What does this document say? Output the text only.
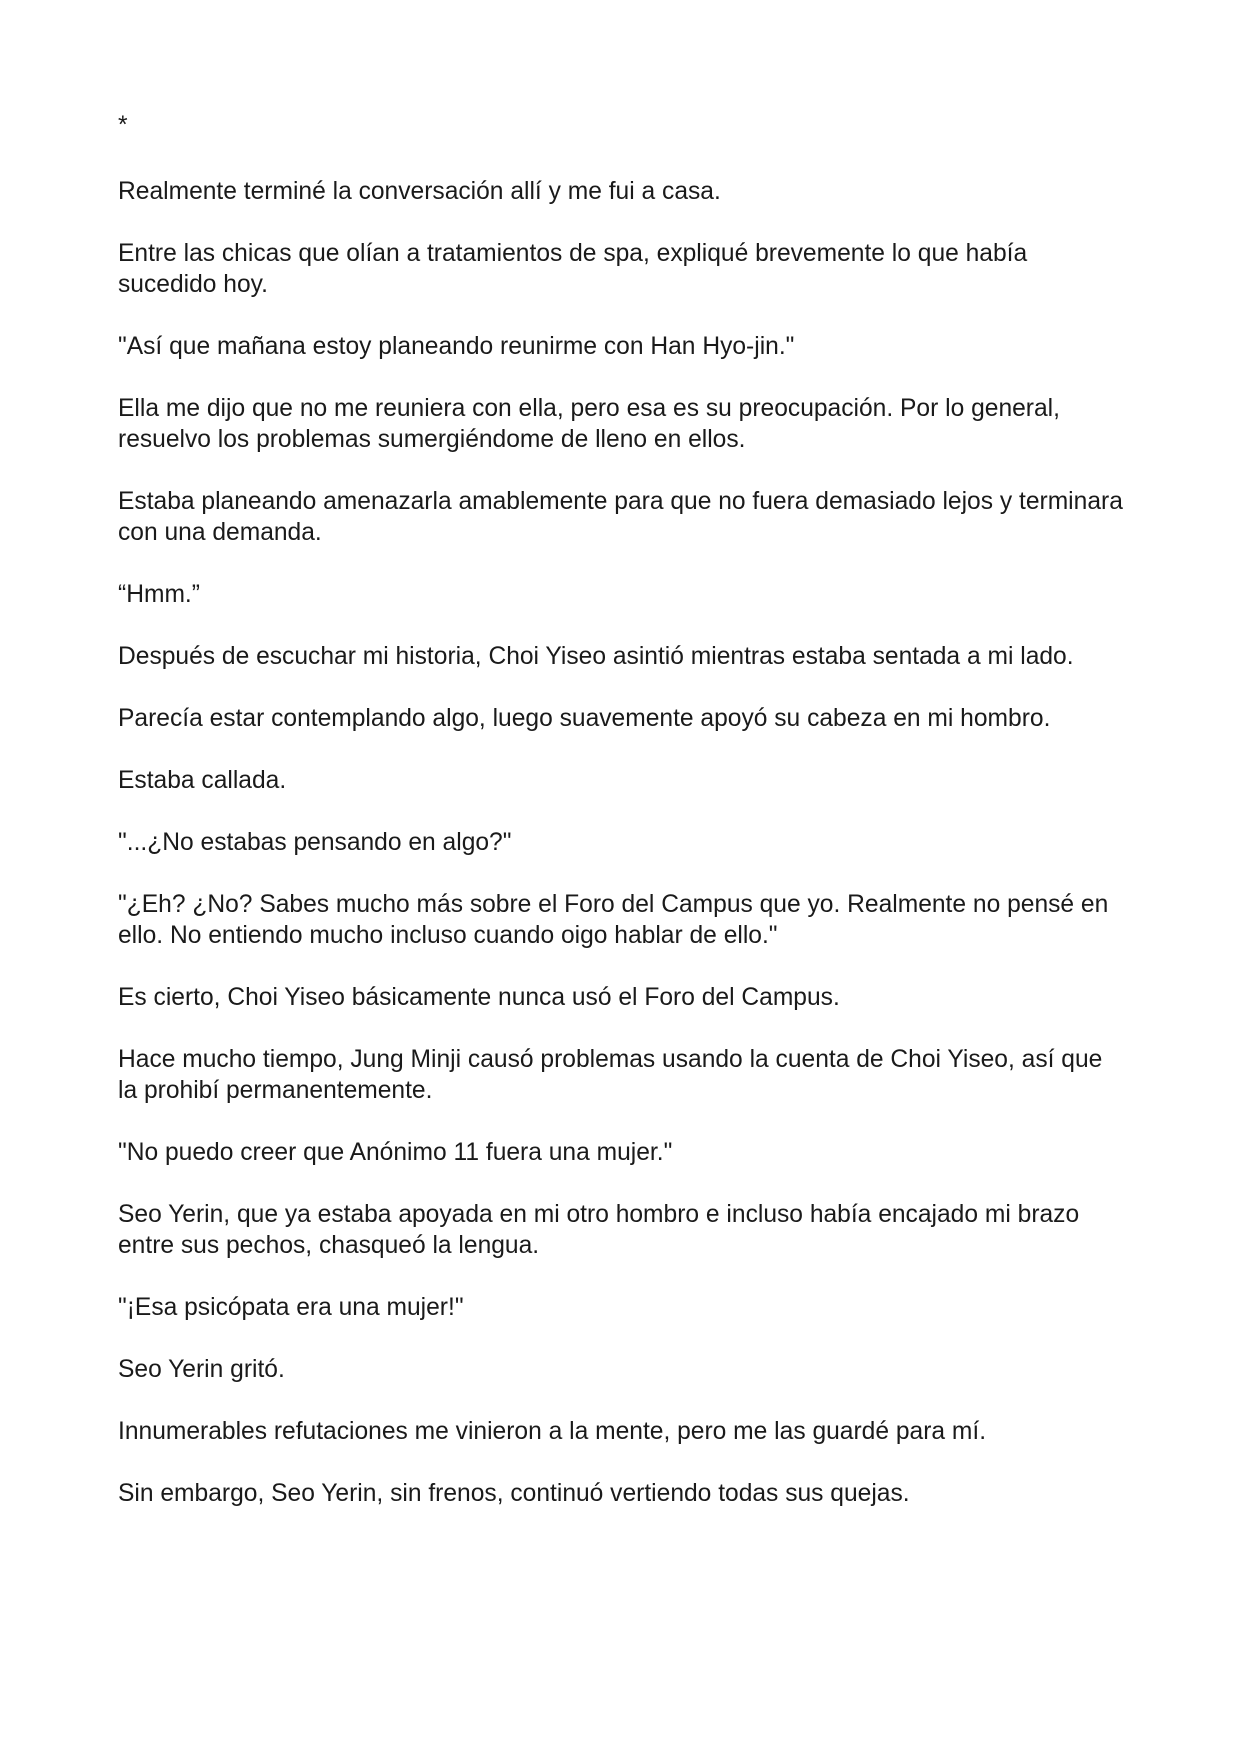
*

Realmente terminé la conversación allí y me fui a casa.

Entre las chicas que olían a tratamientos de spa, expliqué brevemente lo que había sucedido hoy.

"Así que mañana estoy planeando reunirme con Han Hyo-jin."

Ella me dijo que no me reuniera con ella, pero esa es su preocupación. Por lo general, resuelvo los problemas sumergiéndome de lleno en ellos.

Estaba planeando amenazarla amablemente para que no fuera demasiado lejos y terminara con una demanda.

“Hmm.”

Después de escuchar mi historia, Choi Yiseo asintió mientras estaba sentada a mi lado.

Parecía estar contemplando algo, luego suavemente apoyó su cabeza en mi hombro.

Estaba callada.

"...¿No estabas pensando en algo?"

"¿Eh? ¿No? Sabes mucho más sobre el Foro del Campus que yo. Realmente no pensé en ello. No entiendo mucho incluso cuando oigo hablar de ello."

Es cierto, Choi Yiseo básicamente nunca usó el Foro del Campus.

Hace mucho tiempo, Jung Minji causó problemas usando la cuenta de Choi Yiseo, así que la prohibí permanentemente.

"No puedo creer que Anónimo 11 fuera una mujer."

Seo Yerin, que ya estaba apoyada en mi otro hombro e incluso había encajado mi brazo entre sus pechos, chasqueó la lengua.

"¡Esa psicópata era una mujer!"

Seo Yerin gritó.

Innumerables refutaciones me vinieron a la mente, pero me las guardé para mí.

Sin embargo, Seo Yerin, sin frenos, continuó vertiendo todas sus quejas.
